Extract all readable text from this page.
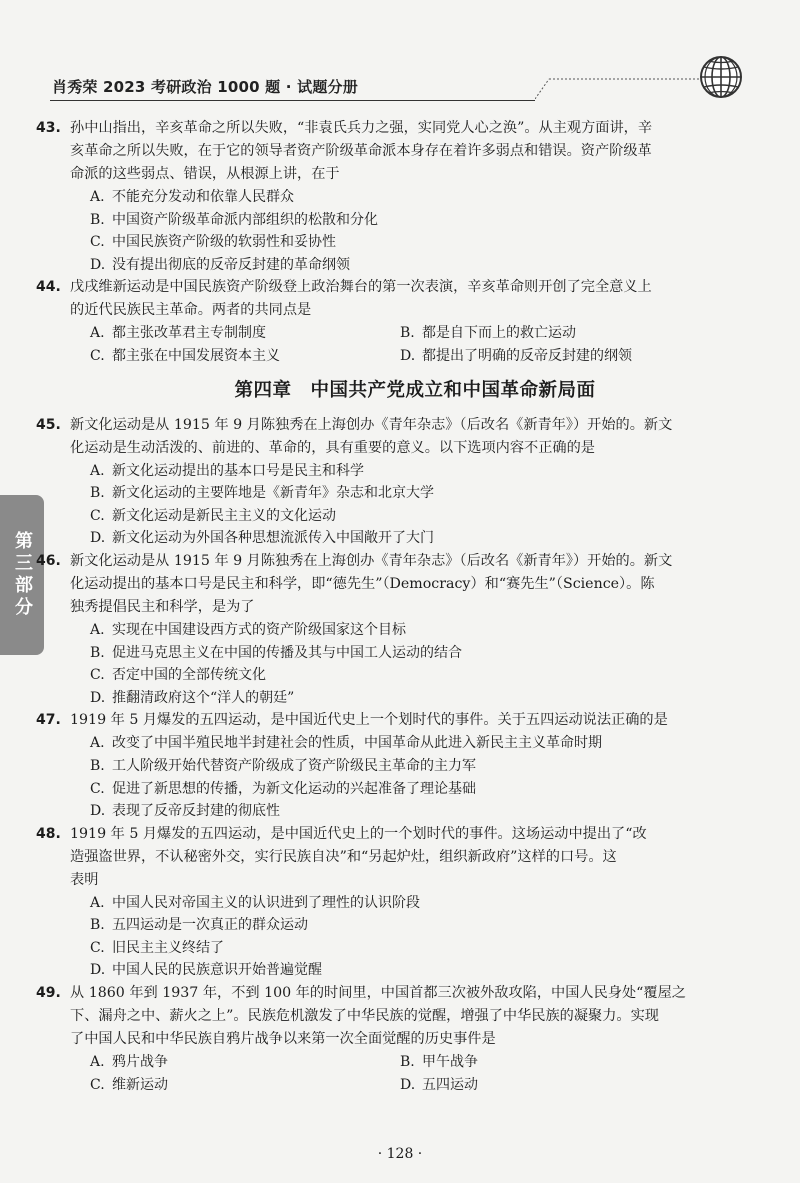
肖秀荣 2023 考研政治 1000 题 · 试题分册
第三部分

43. 孙中山指出，辛亥革命之所以失败，“非袁氏兵力之强，实同党人心之涣”。从主观方面讲，辛

亥革命之所以失败，在于它的领导者资产阶级革命派本身存在着许多弱点和错误。资产阶级革

命派的这些弱点、错误，从根源上讲，在于

A. 不能充分发动和依靠人民群众
B. 中国资产阶级革命派内部组织的松散和分化
C. 中国民族资产阶级的软弱性和妥协性
D. 没有提出彻底的反帝反封建的革命纲领

44. 戊戌维新运动是中国民族资产阶级登上政治舞台的第一次表演，辛亥革命则开创了完全意义上

的近代民族民主革命。两者的共同点是

A. 都主张改革君主专制制度	B. 都是自下而上的救亡运动
C. 都主张在中国发展资本主义	D. 都提出了明确的反帝反封建的纲领
第四章　中国共产党成立和中国革命新局面

45. 新文化运动是从 1915 年 9 月陈独秀在上海创办《青年杂志》（后改名《新青年》）开始的。新文

化运动是生动活泼的、前进的、革命的，具有重要的意义。以下选项内容不正确的是

A. 新文化运动提出的基本口号是民主和科学
B. 新文化运动的主要阵地是《新青年》杂志和北京大学
C. 新文化运动是新民主主义的文化运动
D. 新文化运动为外国各种思想流派传入中国敞开了大门

46. 新文化运动是从 1915 年 9 月陈独秀在上海创办《青年杂志》（后改名《新青年》）开始的。新文

化运动提出的基本口号是民主和科学，即“德先生”（Democracy）和“赛先生”（Science）。陈

独秀提倡民主和科学，是为了

A. 实现在中国建设西方式的资产阶级国家这个目标
B. 促进马克思主义在中国的传播及其与中国工人运动的结合
C. 否定中国的全部传统文化
D. 推翻清政府这个“洋人的朝廷”

47. 1919 年 5 月爆发的五四运动，是中国近代史上一个划时代的事件。关于五四运动说法正确的是

A. 改变了中国半殖民地半封建社会的性质，中国革命从此进入新民主主义革命时期
B. 工人阶级开始代替资产阶级成了资产阶级民主革命的主力军
C. 促进了新思想的传播，为新文化运动的兴起准备了理论基础
D. 表现了反帝反封建的彻底性

48. 1919 年 5 月爆发的五四运动，是中国近代史上的一个划时代的事件。这场运动中提出了“改

造强盗世界，不认秘密外交，实行民族自决”和“另起炉灶，组织新政府”这样的口号。这

表明

A. 中国人民对帝国主义的认识进到了理性的认识阶段
B. 五四运动是一次真正的群众运动
C. 旧民主主义终结了
D. 中国人民的民族意识开始普遍觉醒

49. 从 1860 年到 1937 年，不到 100 年的时间里，中国首都三次被外敌攻陷，中国人民身处“覆屋之

下、漏舟之中、薪火之上”。民族危机激发了中华民族的觉醒，增强了中华民族的凝聚力。实现

了中国人民和中华民族自鸦片战争以来第一次全面觉醒的历史事件是

A. 鸦片战争	B. 甲午战争
C. 维新运动	D. 五四运动
· 128 ·
